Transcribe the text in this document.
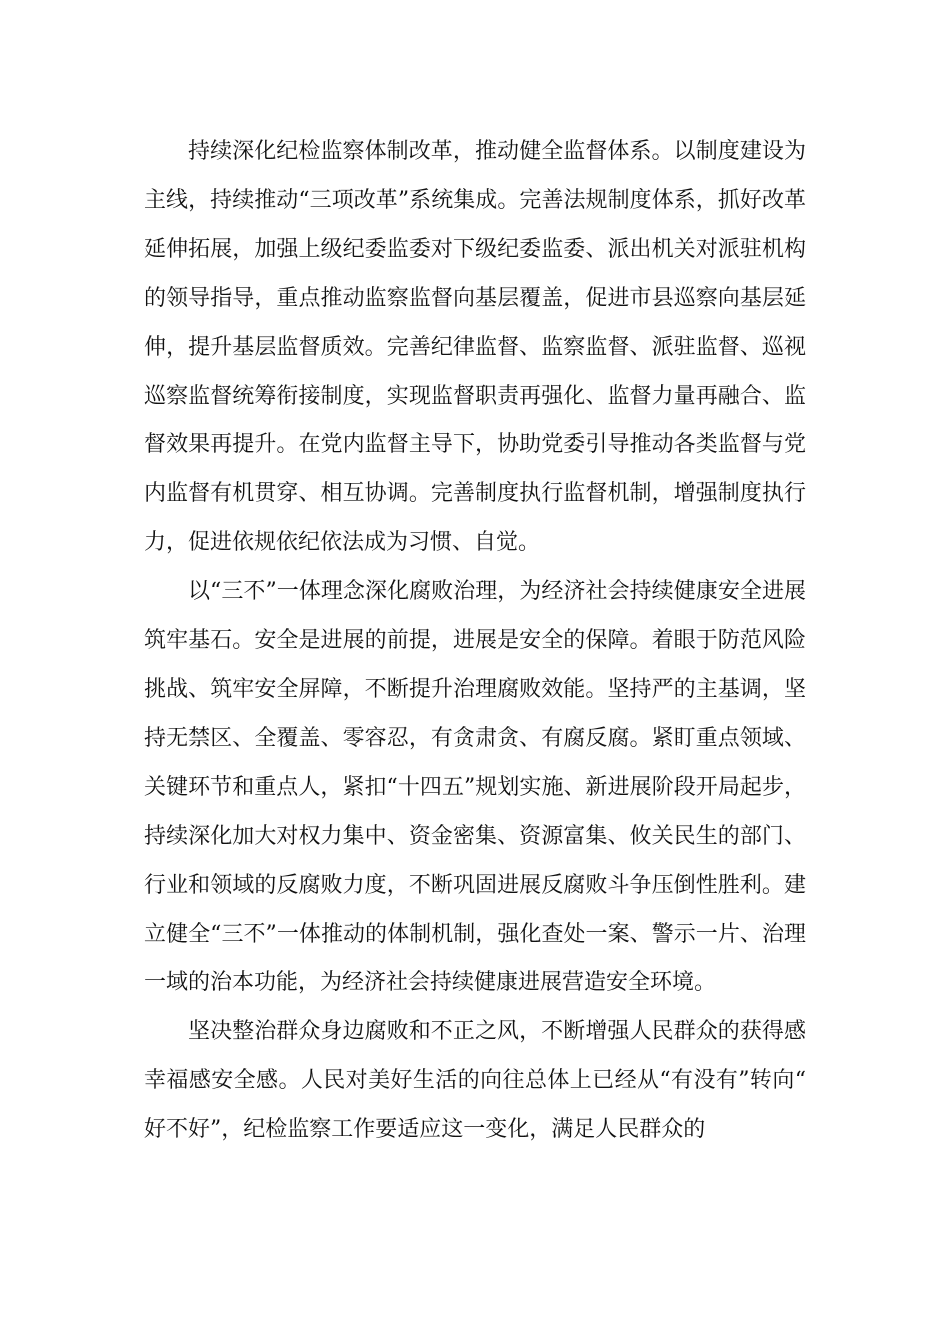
持续深化纪检监察体制改革，推动健全监督体系。以制度建设为主线，持续推动“三项改革”系统集成。完善法规制度体系，抓好改革延伸拓展，加强上级纪委监委对下级纪委监委、派出机关对派驻机构的领导指导，重点推动监察监督向基层覆盖，促进市县巡察向基层延伸，提升基层监督质效。完善纪律监督、监察监督、派驻监督、巡视巡察监督统筹衔接制度，实现监督职责再强化、监督力量再融合、监督效果再提升。在党内监督主导下，协助党委引导推动各类监督与党内监督有机贯穿、相互协调。完善制度执行监督机制，增强制度执行力，促进依规依纪依法成为习惯、自觉。

以“三不”一体理念深化腐败治理，为经济社会持续健康安全进展筑牢基石。安全是进展的前提，进展是安全的保障。着眼于防范风险挑战、筑牢安全屏障，不断提升治理腐败效能。坚持严的主基调，坚持无禁区、全覆盖、零容忍，有贪肃贪、有腐反腐。紧盯重点领域、关键环节和重点人，紧扣“十四五”规划实施、新进展阶段开局起步，持续深化加大对权力集中、资金密集、资源富集、攸关民生的部门、行业和领域的反腐败力度，不断巩固进展反腐败斗争压倒性胜利。建立健全“三不”一体推动的体制机制，强化查处一案、警示一片、治理一域的治本功能，为经济社会持续健康进展营造安全环境。

坚决整治群众身边腐败和不正之风，不断增强人民群众的获得感幸福感安全感。人民对美好生活的向往总体上已经从“有没有”转向“好不好”，纪检监察工作要适应这一变化，满足人民群众的
